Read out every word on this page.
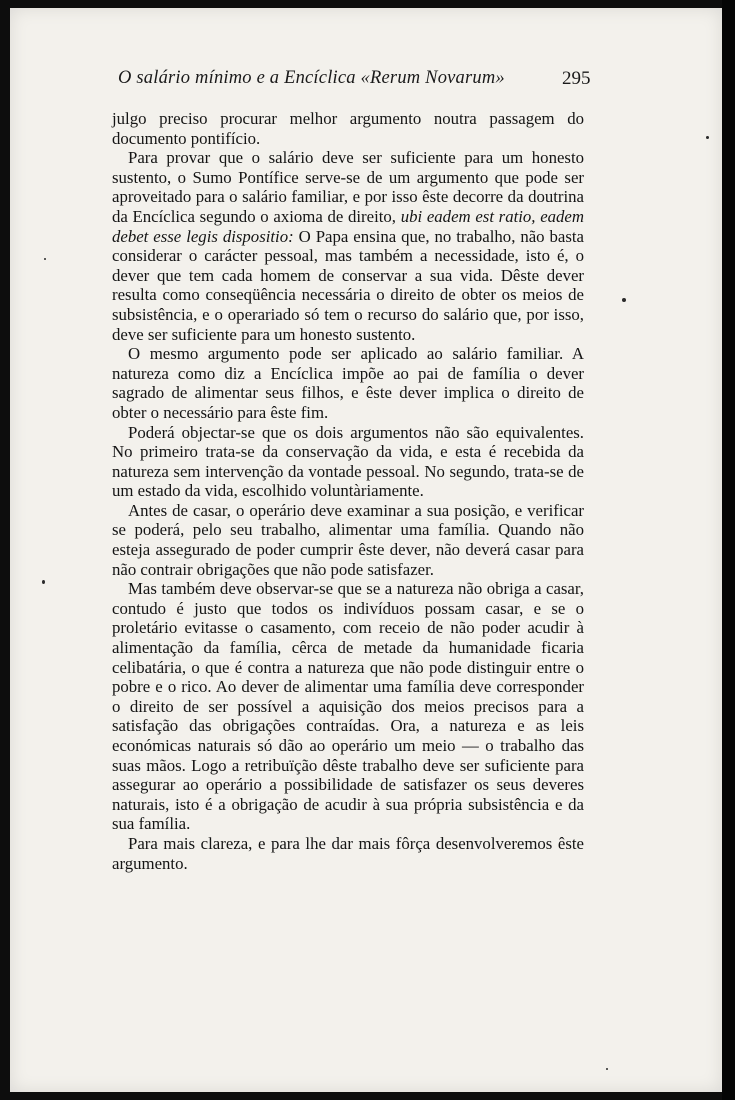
O salário mínimo e a Encíclica «Rerum Novarum»	295

julgo preciso procurar melhor argumento noutra passagem do documento pontifício.

Para provar que o salário deve ser suficiente para um honesto sustento, o Sumo Pontífice serve-se de um argumento que pode ser aproveitado para o salário familiar, e por isso êste decorre da doutrina da Encíclica segundo o axioma de direito, ubi eadem est ratio, eadem debet esse legis dispositio: O Papa ensina que, no trabalho, não basta considerar o carácter pessoal, mas também a necessidade, isto é, o dever que tem cada homem de conservar a sua vida. Dêste dever resulta como conseqüência necessária o direito de obter os meios de subsistência, e o operariado só tem o recurso do salário que, por isso, deve ser suficiente para um honesto sustento.

O mesmo argumento pode ser aplicado ao salário familiar. A natureza como diz a Encíclica impõe ao pai de família o dever sagrado de alimentar seus filhos, e êste dever implica o direito de obter o necessário para êste fim.

Poderá objectar-se que os dois argumentos não são equivalentes. No primeiro trata-se da conservação da vida, e esta é recebida da natureza sem intervenção da vontade pessoal. No segundo, trata-se de um estado da vida, escolhido voluntàriamente.

Antes de casar, o operário deve examinar a sua posição, e verificar se poderá, pelo seu trabalho, alimentar uma família. Quando não esteja assegurado de poder cumprir êste dever, não deverá casar para não contrair obrigações que não pode satisfazer.

Mas também deve observar-se que se a natureza não obriga a casar, contudo é justo que todos os indivíduos possam casar, e se o proletário evitasse o casamento, com receio de não poder acudir à alimentação da família, cêrca de metade da humanidade ficaria celibatária, o que é contra a natureza que não pode distinguir entre o pobre e o rico. Ao dever de alimentar uma família deve corresponder o direito de ser possível a aquisição dos meios precisos para a satisfação das obrigações contraídas. Ora, a natureza e as leis económicas naturais só dão ao operário um meio — o trabalho das suas mãos. Logo a retribuïção dêste trabalho deve ser suficiente para assegurar ao operário a possibilidade de satisfazer os seus deveres naturais, isto é a obrigação de acudir à sua própria subsistência e da sua família.

Para mais clareza, e para lhe dar mais fôrça desenvolveremos êste argumento.
